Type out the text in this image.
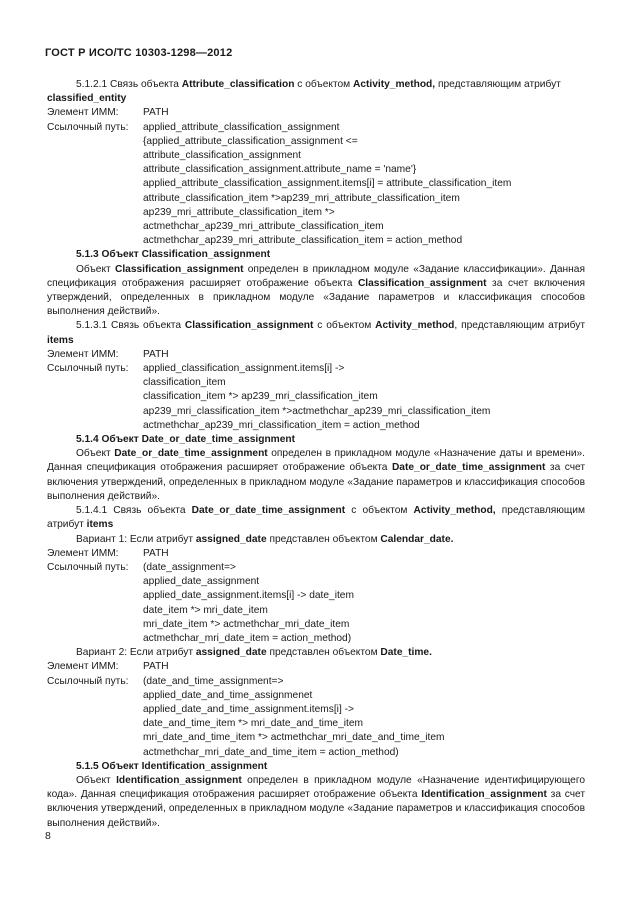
ГОСТ Р ИСО/ТС 10303-1298—2012

5.1.2.1 Связь объекта Attribute_classification с объектом Activity_method, представляющим атрибут
classified_entity

Элемент ИММ:	PATH
Ссылочный путь:	applied_attribute_classification_assignment
{applied_attribute_classification_assignment <=
attribute_classification_assignment
attribute_classification_assignment.attribute_name = 'name'}
applied_attribute_classification_assignment.items[i] = attribute_classification_item
attribute_classification_item *>ap239_mri_attribute_classification_item
ap239_mri_attribute_classification_item *>
actmethchar_ap239_mri_attribute_classification_item
actmethchar_ap239_mri_attribute_classification_item = action_method

5.1.3 Объект Classification_assignment

Объект Classification_assignment определен в прикладном модуле «Задание классификации». Данная спецификация отображения расширяет отображение объекта Classification_assignment за счет включения утверждений, определенных в прикладном модуле «Задание параметров и классификация способов выполнения действий».

5.1.3.1 Связь объекта Classification_assignment с объектом Activity_method, представляющим атрибут items

Элемент ИММ:	PATH
Ссылочный путь:	applied_classification_assignment.items[i] ->
classification_item
classification_item *> ap239_mri_classification_item
ap239_mri_classification_item *>actmethchar_ap239_mri_classification_item
actmethchar_ap239_mri_classification_item = action_method

5.1.4 Объект Date_or_date_time_assignment

Объект Date_or_date_time_assignment определен в прикладном модуле «Назначение даты и времени». Данная спецификация отображения расширяет отображение объекта Date_or_date_time_assignment за счет включения утверждений, определенных в прикладном модуле «Задание параметров и классификация способов выполнения действий».

5.1.4.1 Связь объекта Date_or_date_time_assignment с объектом Activity_method, представляющим атрибут items

Вариант 1: Если атрибут assigned_date представлен объектом Calendar_date.

Элемент ИММ:	PATH
Ссылочный путь:	(date_assignment=>
applied_date_assignment
applied_date_assignment.items[i] -> date_item
date_item *> mri_date_item
mri_date_item *> actmethchar_mri_date_item
actmethchar_mri_date_item = action_method)

Вариант 2: Если атрибут assigned_date представлен объектом Date_time.

Элемент ИММ:	PATH
Ссылочный путь:	(date_and_time_assignment=>
applied_date_and_time_assignmenet
applied_date_and_time_assignment.items[i] ->
date_and_time_item *> mri_date_and_time_item
mri_date_and_time_item *> actmethchar_mri_date_and_time_item
actmethchar_mri_date_and_time_item = action_method)

5.1.5 Объект Identification_assignment

Объект Identification_assignment определен в прикладном модуле «Назначение идентифицирующего кода». Данная спецификация отображения расширяет отображение объекта Identification_assignment за счет включения утверждений, определенных в прикладном модуле «Задание параметров и классификация способов выполнения действий».

8
